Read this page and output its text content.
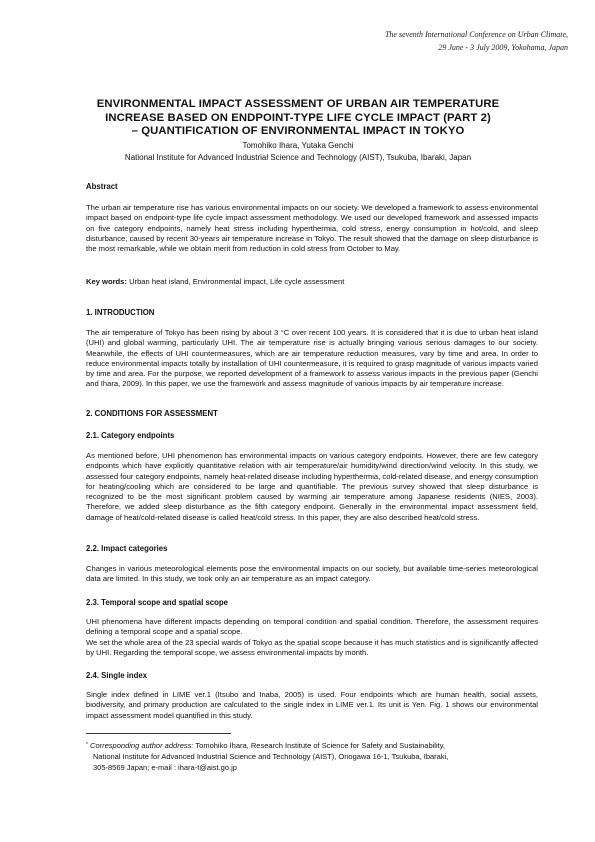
The seventh International Conference on Urban Climate,
29 June - 3 July 2009, Yokohama, Japan
ENVIRONMENTAL IMPACT ASSESSMENT OF URBAN AIR TEMPERATURE
INCREASE BASED ON ENDPOINT-TYPE LIFE CYCLE IMPACT (PART 2)
– QUANTIFICATION OF ENVIRONMENTAL IMPACT IN TOKYO
Tomohiko Ihara, Yutaka Genchi
National Institute for Advanced Industrial Science and Technology (AIST), Tsukuba, Ibaraki, Japan
Abstract
The urban air temperature rise has various environmental impacts on our society. We developed a framework to assess environmental impact based on endpoint-type life cycle impact assessment methodology. We used our developed framework and assessed impacts on five category endpoints, namely heat stress including hyperthermia, cold stress, energy consumption in hot/cold, and sleep disturbance, caused by recent 30-years air temperature increase in Tokyo. The result showed that the damage on sleep disturbance is the most remarkable, while we obtain merit from reduction in cold stress from October to May.
Key words: Urban heat island, Environmental impact, Life cycle assessment
1. INTRODUCTION
The air temperature of Tokyo has been rising by about 3 °C over recent 100 years. It is considered that it is due to urban heat island (UHI) and global warming, particularly UHI. The air temperature rise is actually bringing various serious damages to our society. Meanwhile, the effects of UHI countermeasures, which are air temperature reduction measures, vary by time and area. In order to reduce environmental impacts totally by installation of UHI countermeasure, it is required to grasp magnitude of various impacts varied by time and area. For the purpose, we reported development of a framework to assess various impacts in the previous paper (Genchi and Ihara, 2009). In this paper, we use the framework and assess magnitude of various impacts by air temperature increase.
2. CONDITIONS FOR ASSESSMENT
2.1. Category endpoints
As mentioned before, UHI phenomenon has environmental impacts on various category endpoints. However, there are few category endpoints which have explicitly quantitative relation with air temperature/air humidity/wind direction/wind velocity. In this study, we assessed four category endpoints, namely heat-related disease including hyperthermia, cold-related disease, and energy consumption for heating/cooling which are considered to be large and quantifiable. The previous survey showed that sleep disturbance is recognized to be the most significant problem caused by warming air temperature among Japanese residents (NIES, 2003). Therefore, we added sleep disturbance as the fifth category endpoint. Generally in the environmental impact assessment field, damage of heat/cold-related disease is called heat/cold stress. In this paper, they are also described heat/cold stress.
2.2. Impact categories
Changes in various meteorological elements pose the environmental impacts on our society, but available time-series meteorological data are limited. In this study, we took only an air temperature as an impact category.
2.3. Temporal scope and spatial scope
UHI phenomena have different impacts depending on temporal condition and spatial condition. Therefore, the assessment requires defining a temporal scope and a spatial scope.
We set the whole area of the 23 special wards of Tokyo as the spatial scope because it has much statistics and is significantly affected by UHI. Regarding the temporal scope, we assess environmental impacts by month.
2.4. Single index
Single index defined in LIME ver.1 (Itsubo and Inaba, 2005) is used. Four endpoints which are human health, social assets, biodiversity, and primary production are calculated to the single index in LIME ver.1. Its unit is Yen. Fig. 1 shows our environmental impact assessment model quantified in this study.
* Corresponding author address: Tomohiko Ihara, Research Institute of Science for Safety and Sustainability,
National Institute for Advanced Industrial Science and Technology (AIST), Onogawa 16-1, Tsukuba, Ibaraki,
305-8569 Japan; e-mail : ihara-t@aist.go.jp
